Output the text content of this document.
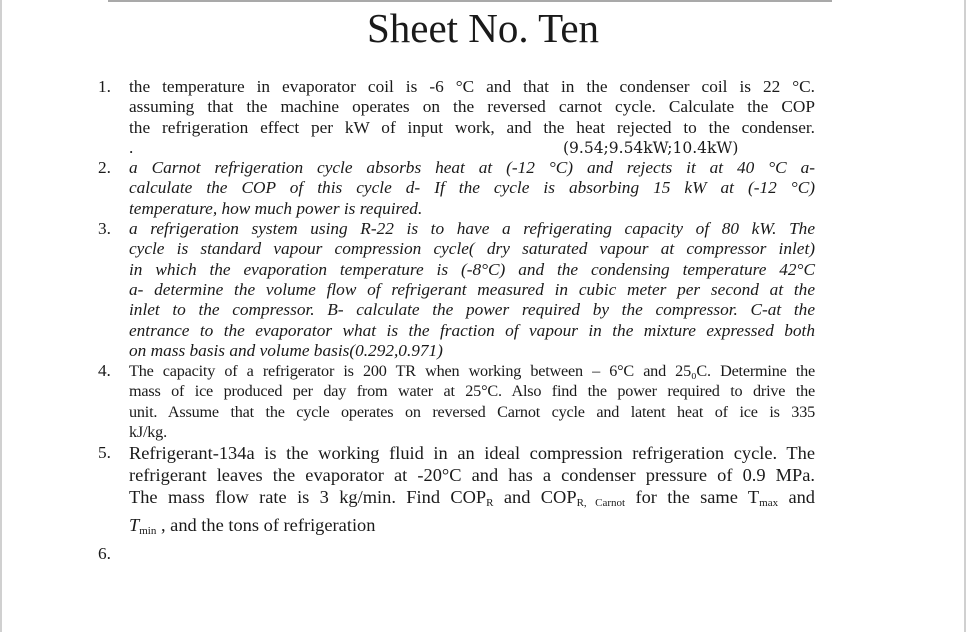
Sheet No. Ten
1. the temperature in evaporator coil is -6 °C and that in the condenser coil is 22 °C.
assuming that the machine operates on the reversed carnot cycle. Calculate the COP
the refrigeration effect per kW of input work, and the heat rejected to the condenser.
.	(9.54;9.54kW;10.4kW)
2. a Carnot refrigeration cycle absorbs heat at (-12 °C) and rejects it at 40 °C a-
calculate the COP of this cycle d- If the cycle is absorbing 15 kW at (-12 °C)
temperature, how much power is required.
3. a refrigeration system using R-22 is to have a refrigerating capacity of 80 kW. The
cycle is standard vapour compression cycle( dry saturated vapour at compressor inlet)
in which the evaporation temperature is (-8°C) and the condensing temperature 42°C
a- determine the volume flow of refrigerant measured in cubic meter per second at the
inlet to the compressor. B- calculate the power required by the compressor. C-at the
entrance to the evaporator what is the fraction of vapour in the mixture expressed both
on mass basis and volume basis(0.292,0.971)
4. The capacity of a refrigerator is 200 TR when working between – 6°C and 25₀C. Determine the
mass of ice produced per day from water at 25°C. Also find the power required to drive the
unit. Assume that the cycle operates on reversed Carnot cycle and latent heat of ice is 335
kJ/kg.
5. Refrigerant-134a is the working fluid in an ideal compression refrigeration cycle. The
refrigerant leaves the evaporator at -20°C and has a condenser pressure of 0.9 MPa.
The mass flow rate is 3 kg/min. Find $COP_R$ and $COP_{R, Carnot}$ for the same $T_{max}$ and
$T_{min}$ , and the tons of refrigeration
6.
